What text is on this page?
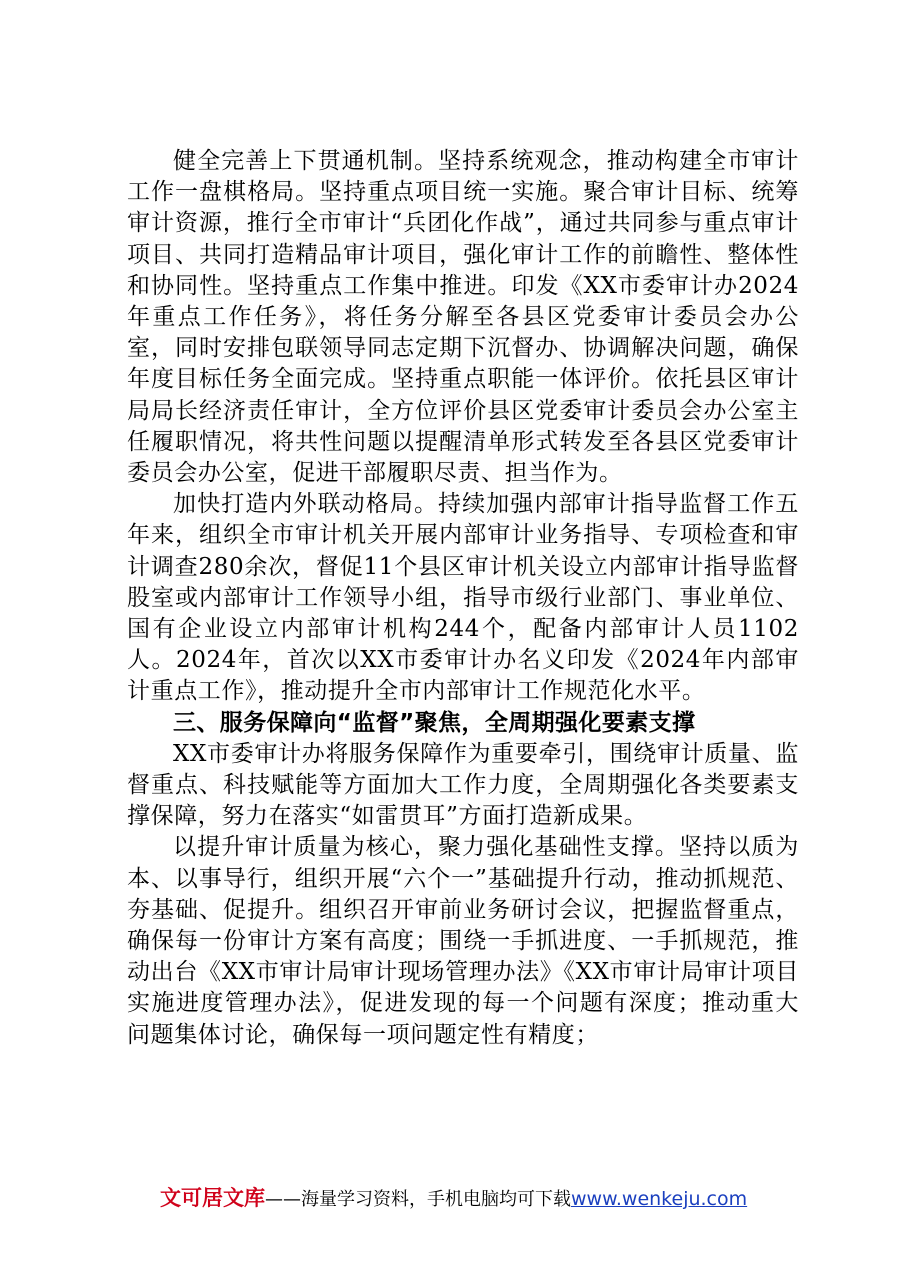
健全完善上下贯通机制。坚持系统观念，推动构建全市审计工作一盘棋格局。坚持重点项目统一实施。聚合审计目标、统筹审计资源，推行全市审计“兵团化作战”，通过共同参与重点审计项目、共同打造精品审计项目，强化审计工作的前瞻性、整体性和协同性。坚持重点工作集中推进。印发《XX市委审计办2024年重点工作任务》，将任务分解至各县区党委审计委员会办公室，同时安排包联领导同志定期下沉督办、协调解决问题，确保年度目标任务全面完成。坚持重点职能一体评价。依托县区审计局局长经济责任审计，全方位评价县区党委审计委员会办公室主任履职情况，将共性问题以提醒清单形式转发至各县区党委审计委员会办公室，促进干部履职尽责、担当作为。

加快打造内外联动格局。持续加强内部审计指导监督工作五年来，组织全市审计机关开展内部审计业务指导、专项检查和审计调查280余次，督促11个县区审计机关设立内部审计指导监督股室或内部审计工作领导小组，指导市级行业部门、事业单位、国有企业设立内部审计机构244个，配备内部审计人员1102人。2024年，首次以XX市委审计办名义印发《2024年内部审计重点工作》，推动提升全市内部审计工作规范化水平。

三、服务保障向“监督”聚焦，全周期强化要素支撑

XX市委审计办将服务保障作为重要牵引，围绕审计质量、监督重点、科技赋能等方面加大工作力度，全周期强化各类要素支撑保障，努力在落实“如雷贯耳”方面打造新成果。

以提升审计质量为核心，聚力强化基础性支撑。坚持以质为本、以事导行，组织开展“六个一”基础提升行动，推动抓规范、夯基础、促提升。组织召开审前业务研讨会议，把握监督重点，确保每一份审计方案有高度；围绕一手抓进度、一手抓规范，推动出台《XX市审计局审计现场管理办法》《XX市审计局审计项目实施进度管理办法》，促进发现的每一个问题有深度；推动重大问题集体讨论，确保每一项问题定性有精度；

文可居文库——海量学习资料，手机电脑均可下载www.wenkeju.com
